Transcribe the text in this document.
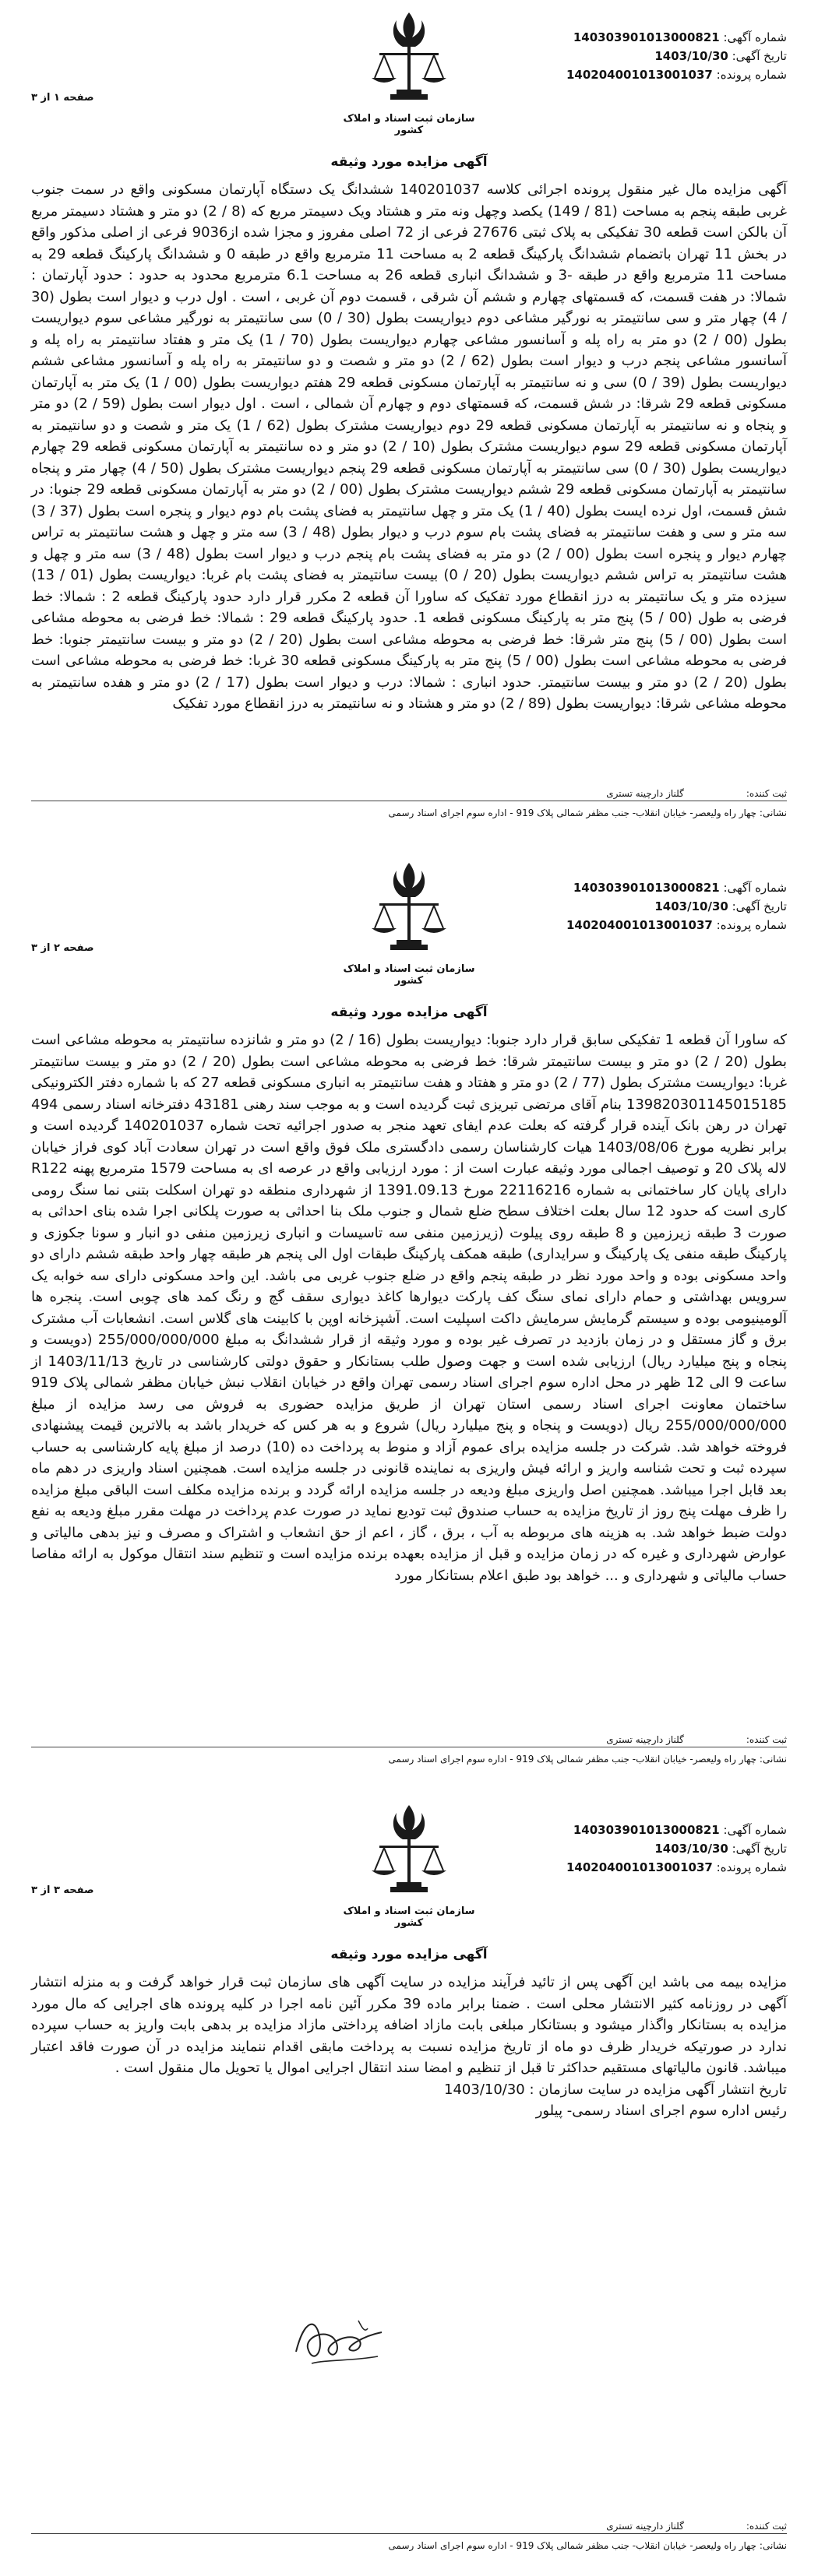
سازمان ثبت اسناد و املاک کشور
شماره آگهی: 140303901013000821
تاریخ آگهی: 1403/10/30
شماره پرونده: 140204001013001037
صفحه ۱ از ۳
آگهی مزایده مورد وثیقه

آگهی مزایده مال غیر منقول پرونده اجرائی کلاسه 140201037 ششدانگ یک دستگاه آپارتمان مسکونی واقع در سمت جنوب غربی طبقه پنجم به مساحت (81 / 149) یکصد وچهل ونه متر و هشتاد ویک دسیمتر مربع که (8 / 2) دو متر و هشتاد دسیمتر مربع آن بالکن است قطعه 30 تفکیکی به پلاک ثبتی 27676 فرعی از 72 اصلی مفروز و مجزا شده از9036 فرعی از اصلی مذکور واقع در بخش 11 تهران باتضمام ششدانگ پارکینگ قطعه 2 به مساحت 11 مترمربع واقع در طبقه 0 و ششدانگ پارکینگ قطعه 29 به مساحت 11 مترمربع واقع در طبقه -3 و ششدانگ انباری قطعه 26 به مساحت 6.1 مترمربع محدود به حدود : حدود آپارتمان : شمالا: در هفت قسمت، که قسمتهای چهارم و ششم آن شرقی ، قسمت دوم آن غربی ، است . اول درب و دیوار است بطول (30 / 4) چهار متر و سی سانتیمتر به نورگیر مشاعی دوم دیواریست بطول (30 / 0) سی سانتیمتر به نورگیر مشاعی سوم دیواریست بطول (00 / 2) دو متر به راه پله و آسانسور مشاعی چهارم دیواریست بطول (70 / 1) یک متر و هفتاد سانتیمتر به راه پله و آسانسور مشاعی پنجم درب و دیوار است بطول (62 / 2) دو متر و شصت و دو سانتیمتر به راه پله و آسانسور مشاعی ششم دیواریست بطول (39 / 0) سی و نه سانتیمتر به آپارتمان مسکونی قطعه 29 هفتم دیواریست بطول (00 / 1) یک متر به آپارتمان مسکونی قطعه 29 شرقا: در شش قسمت، که قسمتهای دوم و چهارم آن شمالی ، است . اول دیوار است بطول (59 / 2) دو متر و پنجاه و نه سانتیمتر به آپارتمان مسکونی قطعه 29 دوم دیواریست مشترک بطول (62 / 1) یک متر و شصت و دو سانتیمتر به آپارتمان مسکونی قطعه 29 سوم دیواریست مشترک بطول (10 / 2) دو متر و ده سانتیمتر به آپارتمان مسکونی قطعه 29 چهارم دیواریست بطول (30 / 0) سی سانتیمتر به آپارتمان مسکونی قطعه 29 پنجم دیواریست مشترک بطول (50 / 4) چهار متر و پنجاه سانتیمتر به آپارتمان مسکونی قطعه 29 ششم دیواریست مشترک بطول (00 / 2) دو متر به آپارتمان مسکونی قطعه 29 جنوبا: در شش قسمت، اول نرده ایست بطول (40 / 1) یک متر و چهل سانتیمتر به فضای پشت بام دوم دیوار و پنجره است بطول (37 / 3) سه متر و سی و هفت سانتیمتر به فضای پشت بام سوم درب و دیوار بطول (48 / 3) سه متر و چهل و هشت سانتیمتر به تراس چهارم دیوار و پنجره است بطول (00 / 2) دو متر به فضای پشت بام پنجم درب و دیوار است بطول (48 / 3) سه متر و چهل و هشت سانتیمتر به تراس ششم دیواریست بطول (20 / 0) بیست سانتیمتر به فضای پشت بام غربا: دیواریست بطول (01 / 13) سیزده متر و یک سانتیمتر به درز انقطاع مورد تفکیک که ساورا آن قطعه 2 مکرر قرار دارد حدود پارکینگ قطعه 2 : شمالا: خط فرضی به طول (00 / 5) پنج متر به پارکینگ مسکونی قطعه 1. حدود پارکینگ قطعه 29 : شمالا: خط فرضی به محوطه مشاعی است بطول (00 / 5) پنج متر شرقا: خط فرضی به محوطه مشاعی است بطول (20 / 2) دو متر و بیست سانتیمتر جنوبا: خط فرضی به محوطه مشاعی است بطول (00 / 5) پنج متر به پارکینگ مسکونی قطعه 30 غربا: خط فرضی به محوطه مشاعی است بطول (20 / 2) دو متر و بیست سانتیمتر. حدود انباری : شمالا: درب و دیوار است بطول (17 / 2) دو متر و هفده سانتیمتر به محوطه مشاعی شرقا: دیواریست بطول (89 / 2) دو متر و هشتاد و نه سانتیمتر به درز انقطاع مورد تفکیک

ثبت کننده:
گلناز دارچینه تستری
نشانی: چهار راه ولیعصر- خیابان انقلاب- جنب مظفر شمالی پلاک 919 - اداره سوم اجرای اسناد رسمی
سازمان ثبت اسناد و املاک کشور
شماره آگهی: 140303901013000821
تاریخ آگهی: 1403/10/30
شماره پرونده: 140204001013001037
صفحه ۲ از ۳
آگهی مزایده مورد وثیقه

که ساورا آن قطعه 1 تفکیکی سابق قرار دارد جنوبا: دیواریست بطول (16 / 2) دو متر و شانزده سانتیمتر به محوطه مشاعی است بطول (20 / 2) دو متر و بیست سانتیمتر شرقا: خط فرضی به محوطه مشاعی است بطول (20 / 2) دو متر و بیست سانتیمتر غربا: دیواریست مشترک بطول (77 / 2) دو متر و هفتاد و هفت سانتیمتر به انباری مسکونی قطعه 27 که با شماره دفتر الکترونیکی 139820301145015185 بنام آقای مرتضی تبریزی ثبت گردیده است و به موجب سند رهنی 43181 دفترخانه اسناد رسمی 494 تهران در رهن بانک آینده قرار گرفته که بعلت عدم ایفای تعهد منجر به صدور اجرائیه تحت شماره 140201037 گردیده است و برابر نظریه مورخ 1403/08/06 هیات کارشناسان رسمی دادگستری ملک فوق واقع است در تهران سعادت آباد کوی فراز خیابان لاله پلاک 20 و توصیف اجمالی مورد وثیقه عبارت است از : مورد ارزیابی واقع در عرصه ای به مساحت 1579 مترمربع پهنه R122 دارای پایان کار ساختمانی به شماره 22116216 مورخ 1391.09.13 از شهرداری منطقه دو تهران اسکلت بتنی نما سنگ رومی کاری است که حدود 12 سال بعلت اختلاف سطح ضلع شمال و جنوب ملک بنا احداثی به صورت پلکانی اجرا شده بنای احداثی به صورت 3 طبقه زیرزمین و 8 طبقه روی پیلوت (زیرزمین منفی سه تاسیسات و انباری زیرزمین منفی دو انبار و سونا جکوزی و پارکینگ طبقه منفی یک پارکینگ و سرایداری) طبقه همکف پارکینگ طبقات اول الی پنجم هر طبقه چهار واحد طبقه ششم دارای دو واحد مسکونی بوده و واحد مورد نظر در طبقه پنجم واقع در ضلع جنوب غربی می باشد. این واحد مسکونی دارای سه خوابه یک سرویس بهداشتی و حمام دارای نمای سنگ کف پارکت دیوارها کاغذ دیواری سقف گچ و رنگ کمد های چوبی است. پنجره ها آلومینیومی بوده و سیستم گرمایش سرمایش داکت اسپلیت است. آشپزخانه اوپن با کابینت های گلاس است. انشعابات آب مشترک برق و گاز مستقل و در زمان بازدید در تصرف غیر بوده و مورد وثیقه از قرار ششدانگ به مبلغ 255/000/000/000 (دویست و پنجاه و پنج میلیارد ریال) ارزیابی شده است و جهت وصول طلب بستانکار و حقوق دولتی کارشناسی در تاریخ 1403/11/13 از ساعت 9 الی 12 ظهر در محل اداره سوم اجرای اسناد رسمی تهران واقع در خیابان انقلاب نبش خیابان مظفر شمالی پلاک 919 ساختمان معاونت اجرای اسناد رسمی استان تهران از طریق مزایده حضوری به فروش می رسد مزایده از مبلغ 255/000/000/000 ریال (دویست و پنجاه و پنج میلیارد ریال) شروع و به هر کس که خریدار باشد به بالاترین قیمت پیشنهادی فروخته خواهد شد. شرکت در جلسه مزایده برای عموم آزاد و منوط به پرداخت ده (10) درصد از مبلغ پایه کارشناسی به حساب سپرده ثبت و تحت شناسه واریز و ارائه فیش واریزی به نماینده قانونی در جلسه مزایده است. همچنین اسناد واریزی در دهم ماه بعد قابل اجرا میباشد. همچنین اصل واریزی مبلغ ودیعه در جلسه مزایده ارائه گردد و برنده مزایده مکلف است الباقی مبلغ مزایده را ظرف مهلت پنج روز از تاریخ مزایده به حساب صندوق ثبت تودیع نماید در صورت عدم پرداخت در مهلت مقرر مبلغ ودیعه به نفع دولت ضبط خواهد شد. به هزینه های مربوطه به آب ، برق ، گاز ، اعم از حق انشعاب و اشتراک و مصرف و نیز بدهی مالیاتی و عوارض شهرداری و غیره که در زمان مزایده و قبل از مزایده بعهده برنده مزایده است و تنظیم سند انتقال موکول به ارائه مفاصا حساب مالیاتی و شهرداری و ... خواهد بود طبق اعلام بستانکار مورد

ثبت کننده:
گلناز دارچینه تستری
نشانی: چهار راه ولیعصر- خیابان انقلاب- جنب مظفر شمالی پلاک 919 - اداره سوم اجرای اسناد رسمی
سازمان ثبت اسناد و املاک کشور
شماره آگهی: 140303901013000821
تاریخ آگهی: 1403/10/30
شماره پرونده: 140204001013001037
صفحه ۳ از ۳
آگهی مزایده مورد وثیقه

مزایده بیمه می باشد این آگهی پس از تائید فرآیند مزایده در سایت آگهی های سازمان ثبت قرار خواهد گرفت و به منزله انتشار آگهی در روزنامه کثیر الانتشار محلی است . ضمنا برابر ماده 39 مکرر آئین نامه اجرا در کلیه پرونده های اجرایی که مال مورد مزایده به بستانکار واگذار میشود و بستانکار مبلغی بابت مازاد اضافه پرداختی مازاد مزایده بر بدهی بابت واریز به حساب سپرده ندارد در صورتیکه خریدار ظرف دو ماه از تاریخ مزایده نسبت به پرداخت مابقی اقدام ننمایند مزایده در آن صورت فاقد اعتبار میباشد. قانون مالیاتهای مستقیم حداکثر تا قبل از تنظیم و امضا سند انتقال اجرایی اموال یا تحویل مال منقول است .
تاریخ انتشار آگهی مزایده در سایت سازمان : 1403/10/30
رئیس اداره سوم اجرای اسناد رسمی- پیلور

ثبت کننده:
گلناز دارچینه تستری
نشانی: چهار راه ولیعصر- خیابان انقلاب- جنب مظفر شمالی پلاک 919 - اداره سوم اجرای اسناد رسمی
